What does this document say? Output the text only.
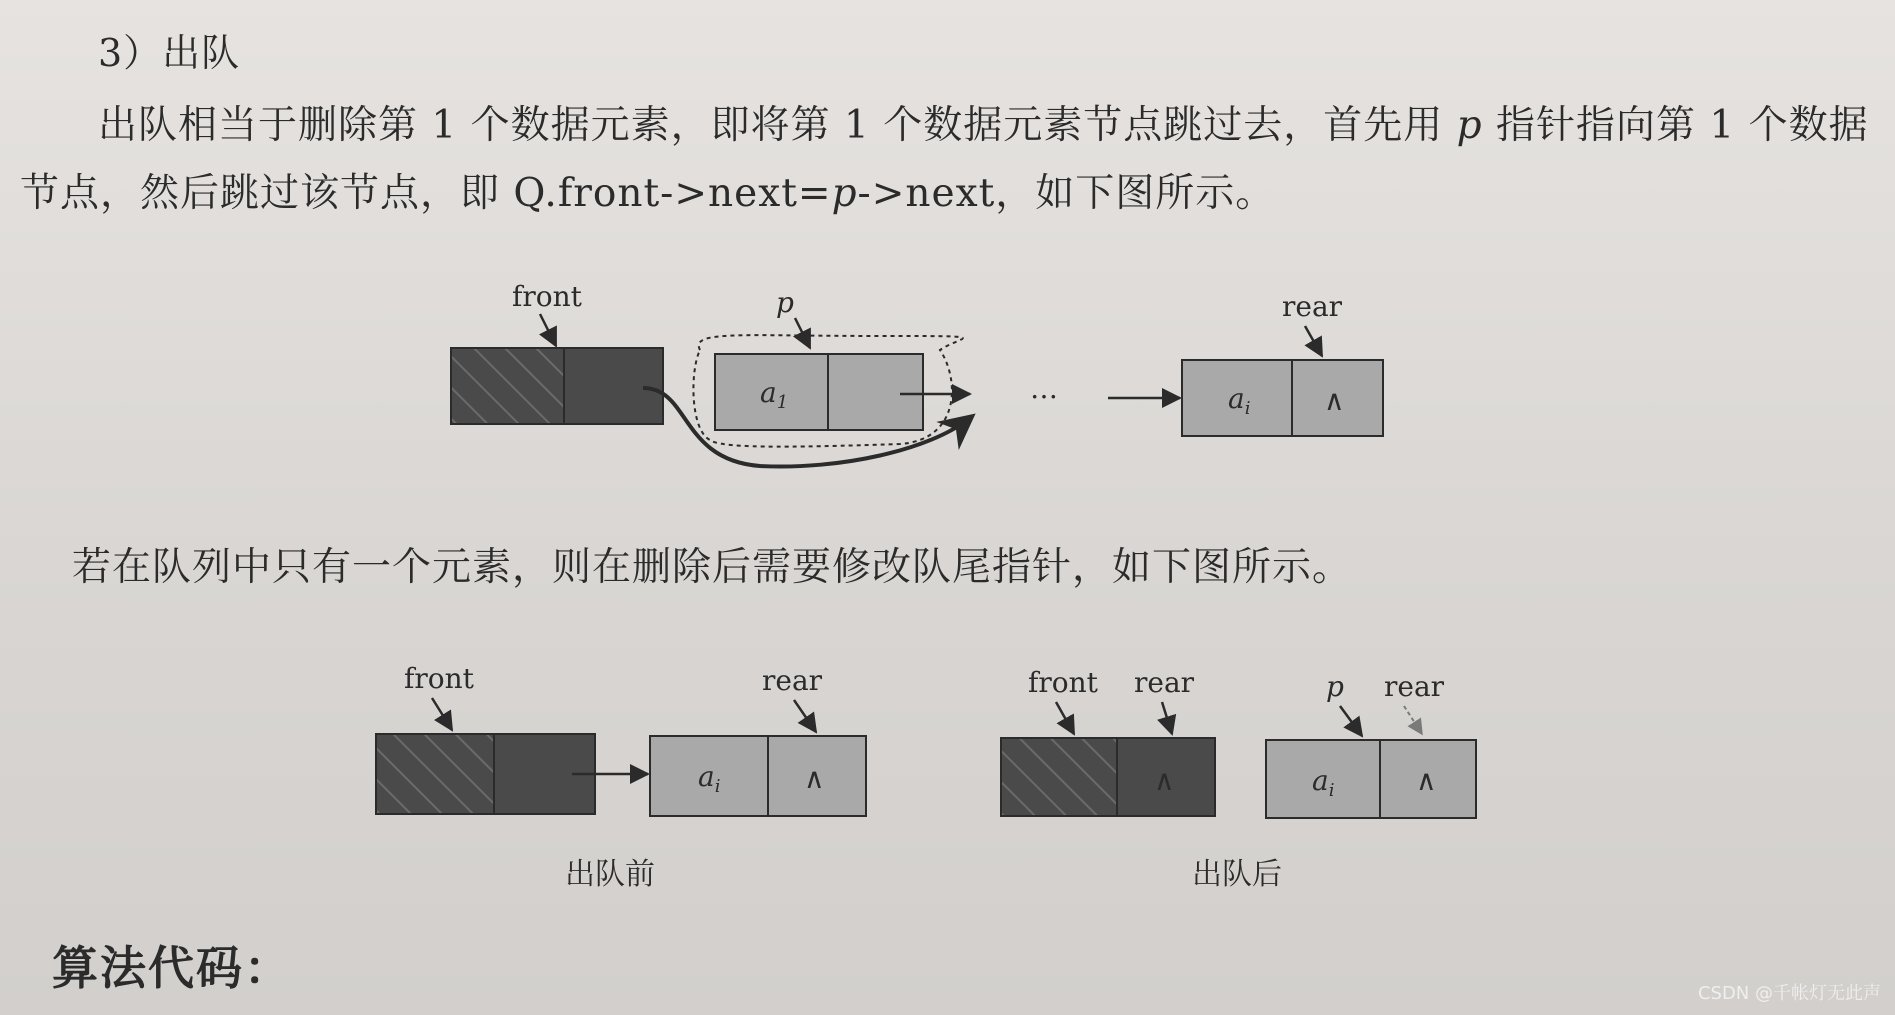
3）出队
出队相当于删除第 1 个数据元素，即将第 1 个数据元素节点跳过去，首先用 p 指针指向第 1 个数据节点，然后跳过该节点，即 Q.front->next=p->next，如下图所示。
front	p
$a_1$	…
rear
$a_i$	∧
front	rear
$a_i$	∧
出队前
front rear
∧
p rear
$a_i$	∧
出队后
若在队列中只有一个元素，则在删除后需要修改队尾指针，如下图所示。
算法代码：	CSDN @千帐灯无此声
